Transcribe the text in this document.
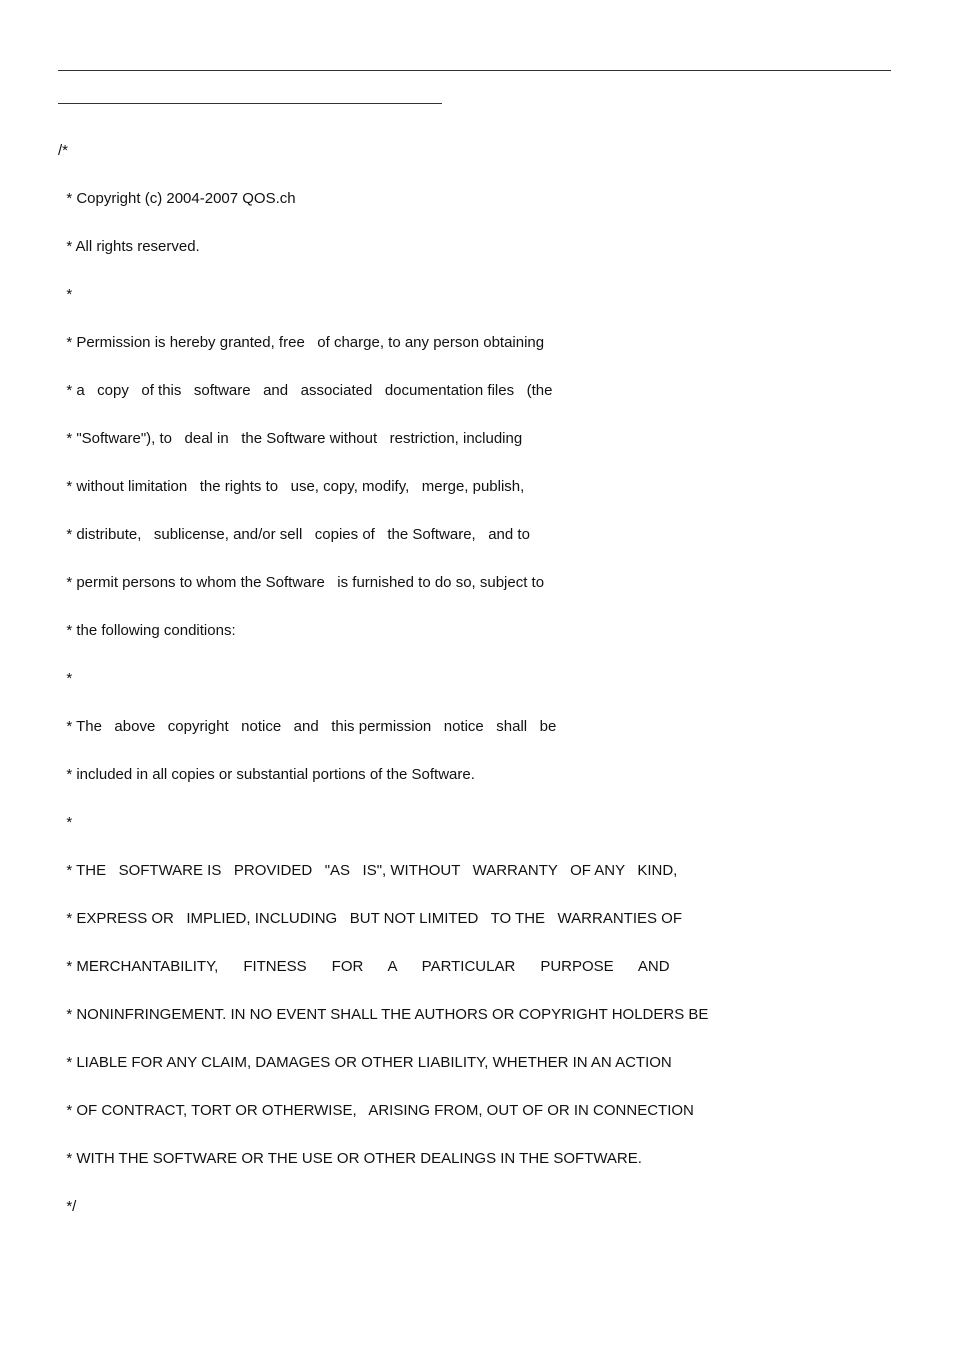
/*
* Copyright (c) 2004-2007 QOS.ch
* All rights reserved.
*
* Permission is hereby granted, free   of charge, to any person obtaining
* a   copy   of this   software   and   associated   documentation files   (the
* "Software"), to   deal in   the Software without   restriction, including
* without limitation   the rights to   use, copy, modify,   merge, publish,
* distribute,   sublicense, and/or sell   copies of   the Software,   and to
* permit persons to whom the Software   is furnished to do so, subject to
* the following conditions:
*
* The   above   copyright   notice   and   this permission   notice   shall   be
* included in all copies or substantial portions of the Software.
*
* THE   SOFTWARE IS   PROVIDED   "AS   IS", WITHOUT   WARRANTY   OF ANY   KIND,
* EXPRESS OR   IMPLIED, INCLUDING   BUT NOT LIMITED   TO THE   WARRANTIES OF
* MERCHANTABILITY,      FITNESS      FOR      A      PARTICULAR      PURPOSE      AND
* NONINFRINGEMENT. IN NO EVENT SHALL THE AUTHORS OR COPYRIGHT HOLDERS BE
* LIABLE FOR ANY CLAIM, DAMAGES OR OTHER LIABILITY, WHETHER IN AN ACTION
* OF CONTRACT, TORT OR OTHERWISE,   ARISING FROM, OUT OF OR IN CONNECTION
* WITH THE SOFTWARE OR THE USE OR OTHER DEALINGS IN THE SOFTWARE.
*/
